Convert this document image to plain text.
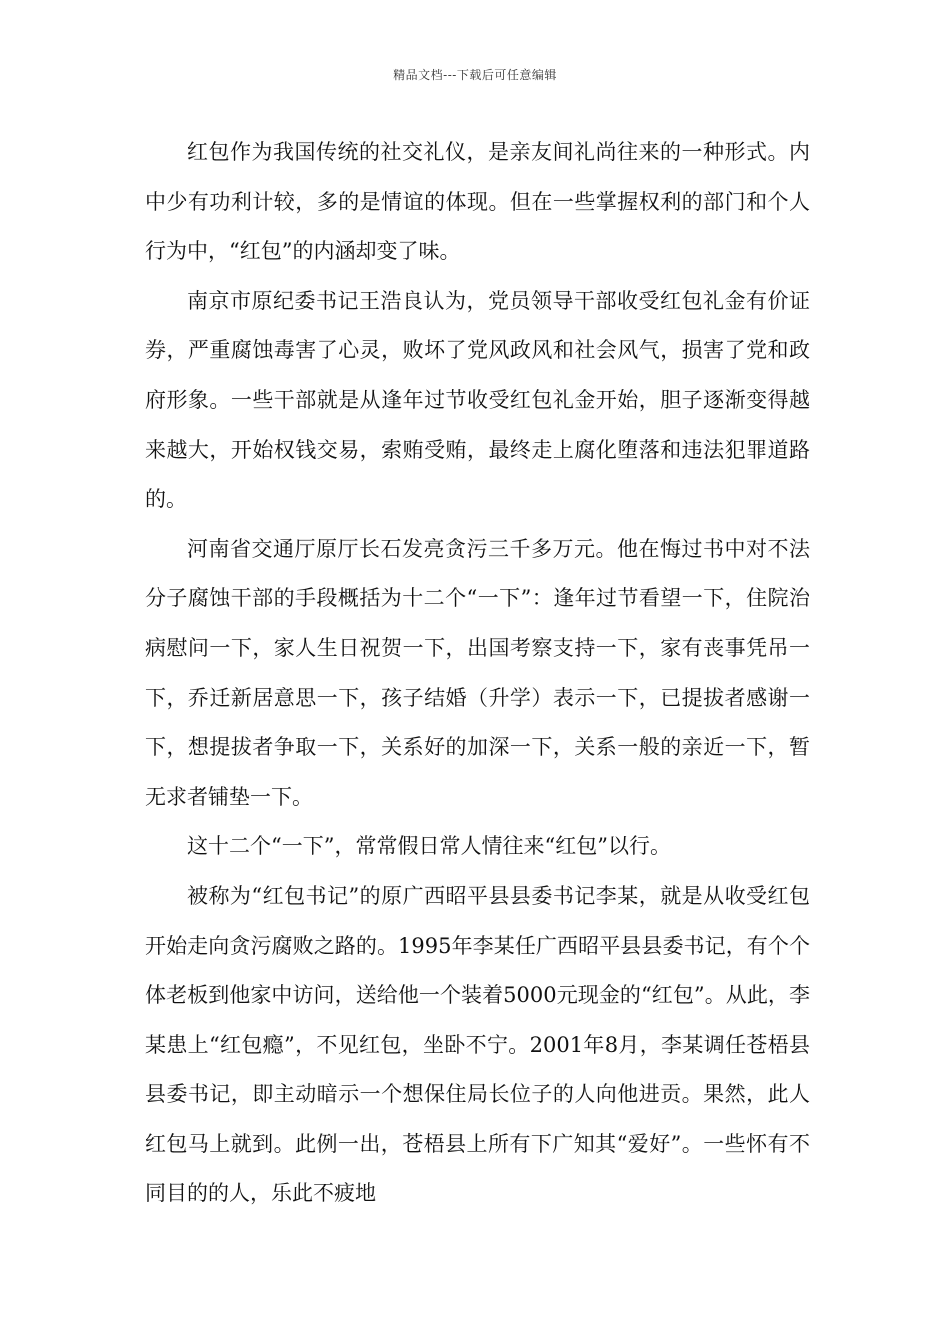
精品文档---下载后可任意编辑

红包作为我国传统的社交礼仪，是亲友间礼尚往来的一种形式。内中少有功利计较，多的是情谊的体现。但在一些掌握权利的部门和个人行为中，“红包”的内涵却变了味。

南京市原纪委书记王浩良认为，党员领导干部收受红包礼金有价证券，严重腐蚀毒害了心灵，败坏了党风政风和社会风气，损害了党和政府形象。一些干部就是从逢年过节收受红包礼金开始，胆子逐渐变得越来越大，开始权钱交易，索贿受贿，最终走上腐化堕落和违法犯罪道路的。

河南省交通厅原厅长石发亮贪污三千多万元。他在悔过书中对不法分子腐蚀干部的手段概括为十二个“一下”：逢年过节看望一下，住院治病慰问一下，家人生日祝贺一下，出国考察支持一下，家有丧事凭吊一下，乔迁新居意思一下，孩子结婚（升学）表示一下，已提拔者感谢一下，想提拔者争取一下，关系好的加深一下，关系一般的亲近一下，暂无求者铺垫一下。

这十二个“一下”，常常假日常人情往来“红包”以行。

被称为“红包书记”的原广西昭平县县委书记李某，就是从收受红包开始走向贪污腐败之路的。1995年李某任广西昭平县县委书记，有个个体老板到他家中访问，送给他一个装着5000元现金的“红包”。从此，李某患上“红包瘾”，不见红包，坐卧不宁。2001年8月，李某调任苍梧县县委书记，即主动暗示一个想保住局长位子的人向他进贡。果然，此人红包马上就到。此例一出，苍梧县上所有下广知其“爱好”。一些怀有不同目的的人，乐此不疲地
